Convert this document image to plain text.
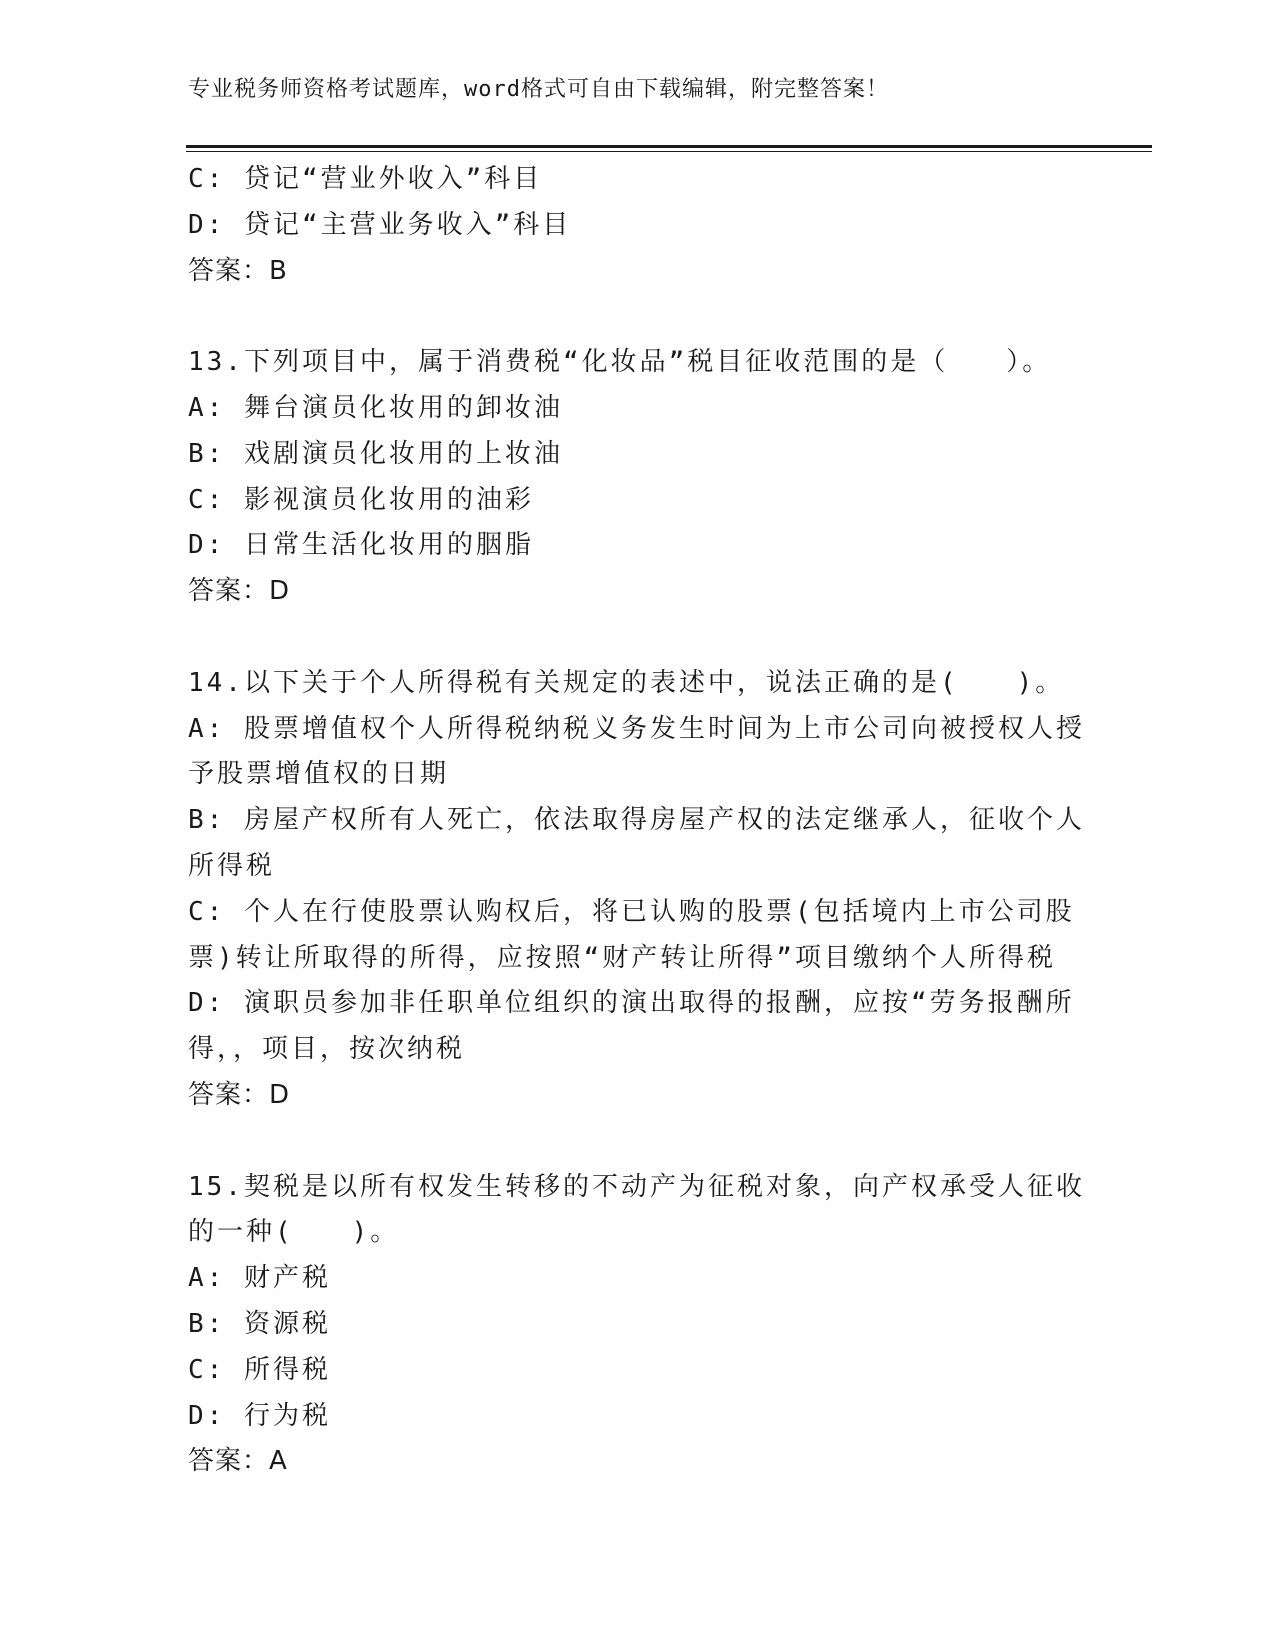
专业税务师资格考试题库，word格式可自由下载编辑，附完整答案！
C: 贷记“营业外收入”科目
D: 贷记“主营业务收入”科目
答案：B
13.下列项目中，属于消费税“化妆品”税目征收范围的是（　　）。
A: 舞台演员化妆用的卸妆油
B: 戏剧演员化妆用的上妆油
C: 影视演员化妆用的油彩
D: 日常生活化妆用的胭脂
答案：D
14.以下关于个人所得税有关规定的表述中，说法正确的是(　　)。
A: 股票增值权个人所得税纳税义务发生时间为上市公司向被授权人授
予股票增值权的日期
B: 房屋产权所有人死亡，依法取得房屋产权的法定继承人，征收个人
所得税
C: 个人在行使股票认购权后，将已认购的股票(包括境内上市公司股
票)转让所取得的所得，应按照“财产转让所得”项目缴纳个人所得税
D: 演职员参加非任职单位组织的演出取得的报酬，应按“劳务报酬所
得，，项目，按次纳税
答案：D
15.契税是以所有权发生转移的不动产为征税对象，向产权承受人征收
的一种(　　)。
A: 财产税
B: 资源税
C: 所得税
D: 行为税
答案：A
